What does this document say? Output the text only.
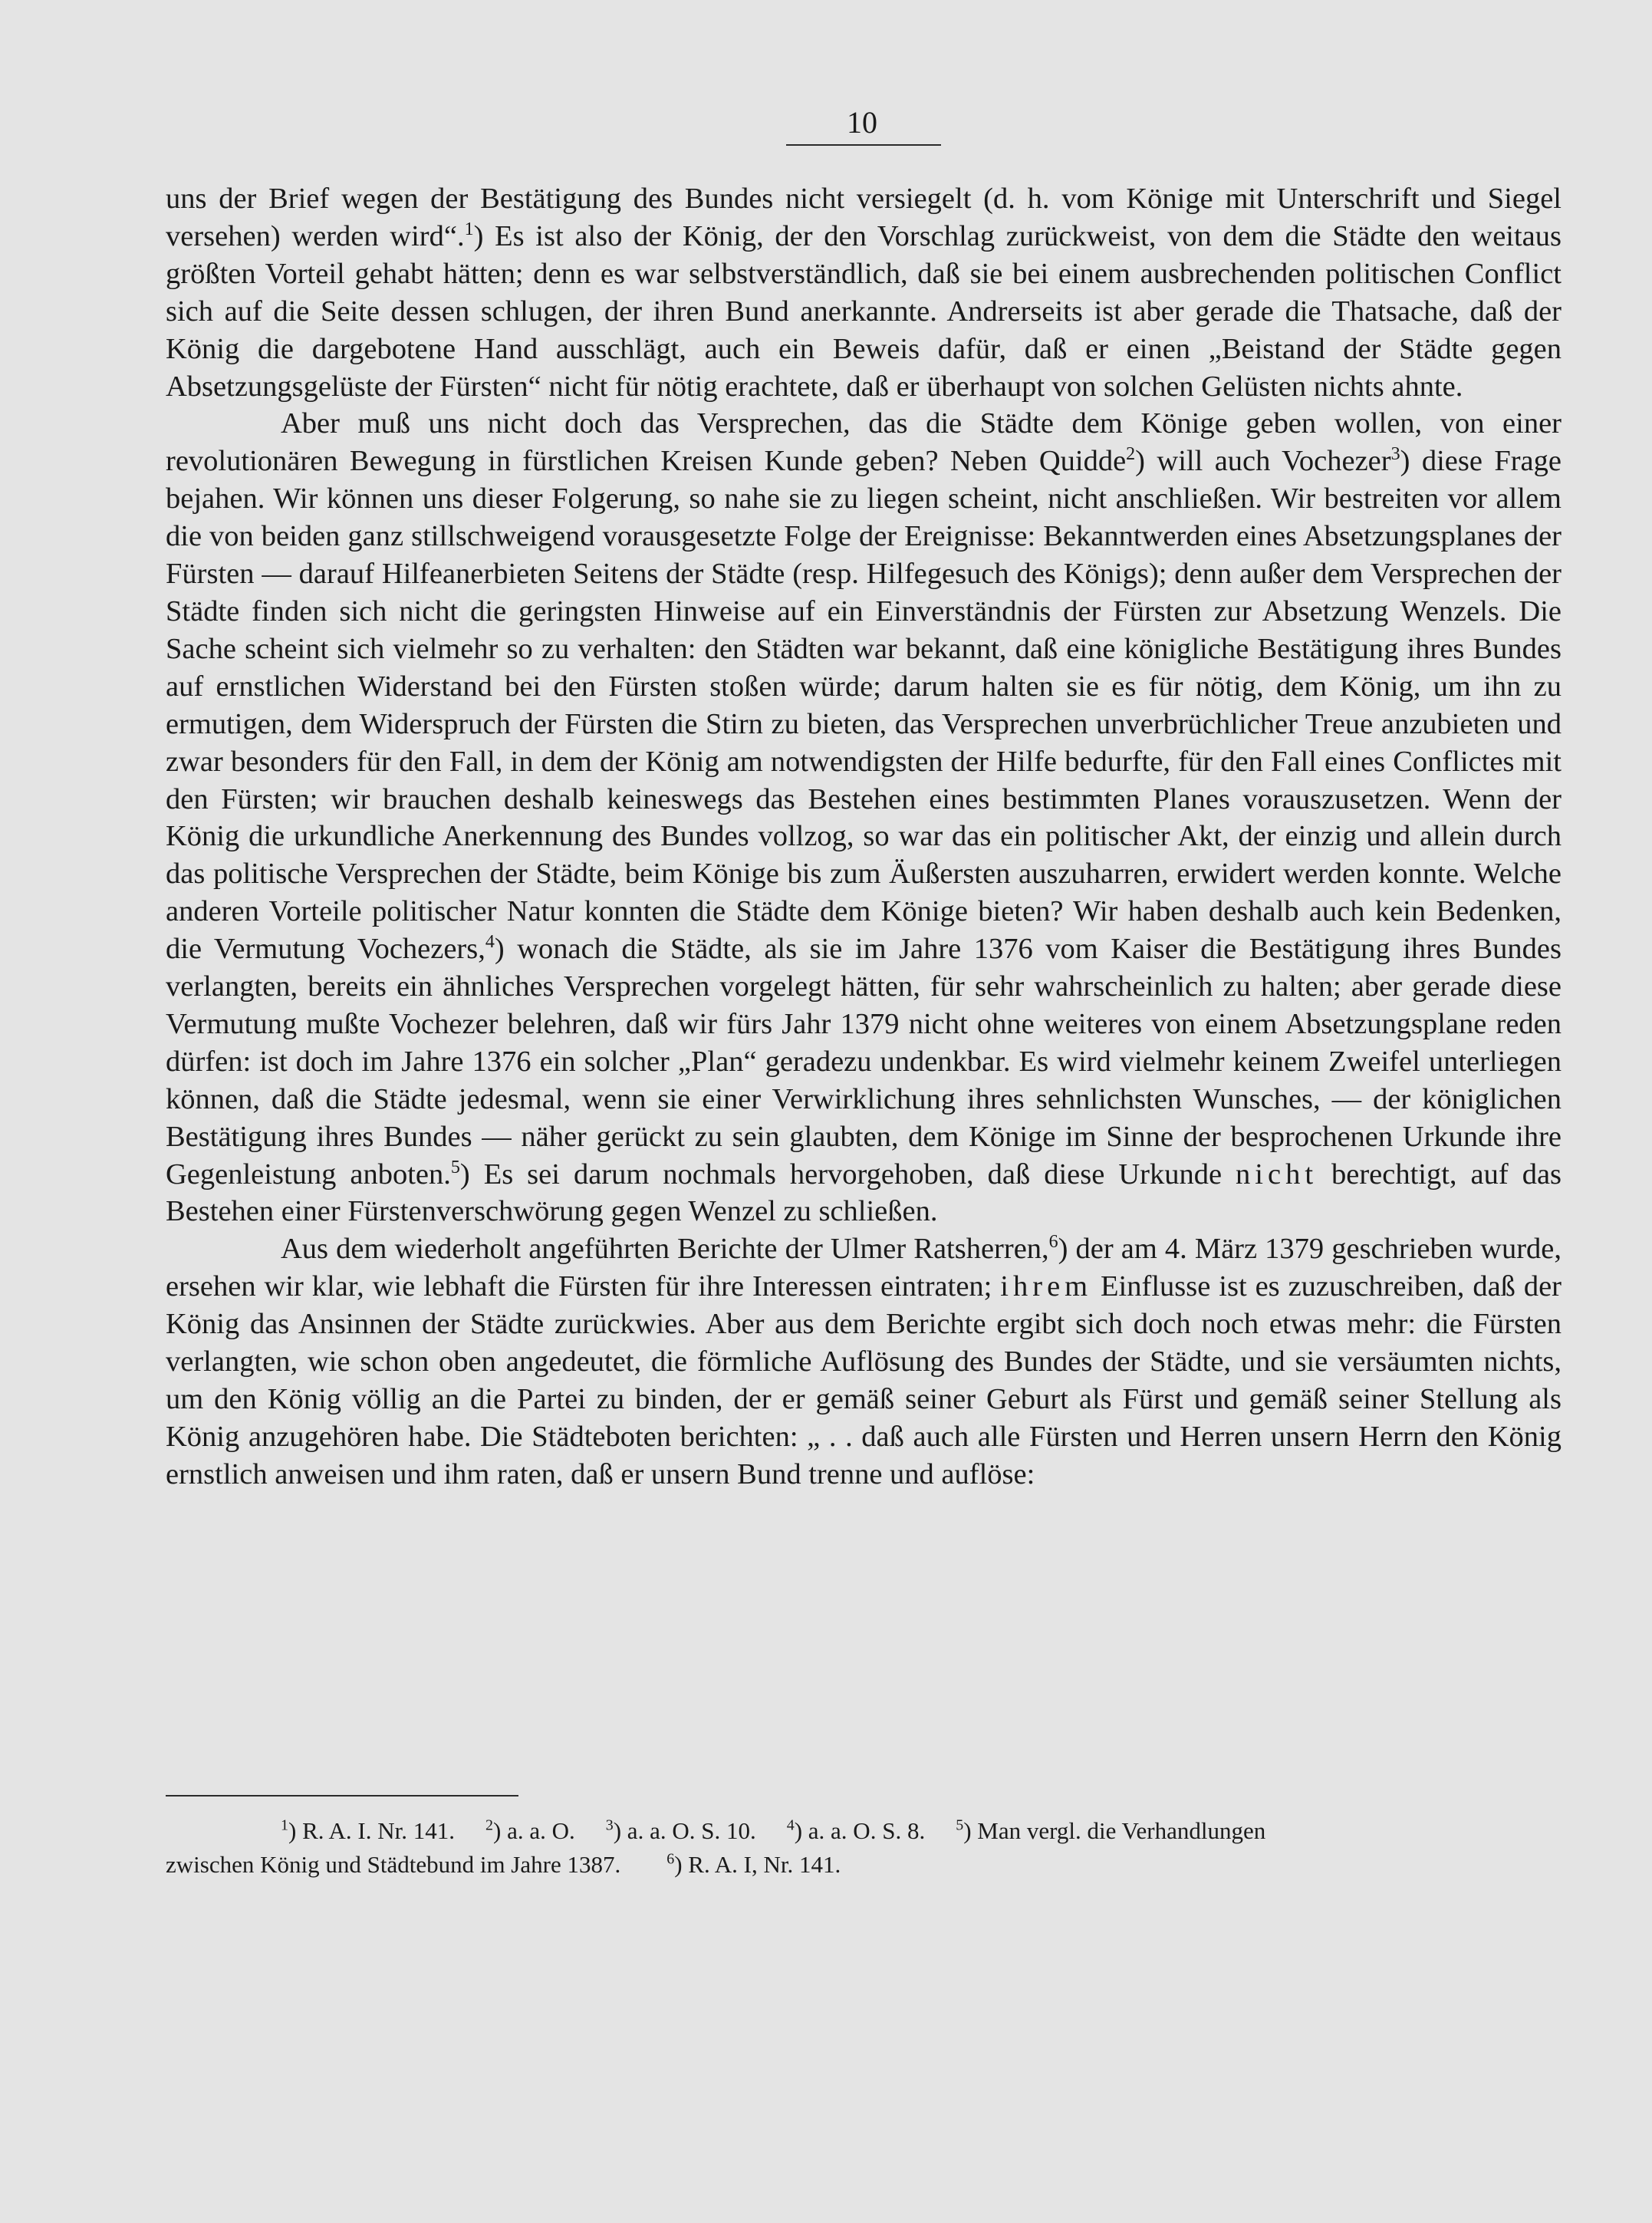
10

uns der Brief wegen der Bestätigung des Bundes nicht versiegelt (d. h. vom Könige mit Unterschrift und Siegel versehen) werden wird“.$^1$) Es ist also der König, der den Vorschlag zurückweist, von dem die Städte den weitaus größten Vorteil gehabt hätten; denn es war selbstverständlich, daß sie bei einem ausbrechenden politischen Conflict sich auf die Seite dessen schlugen, der ihren Bund anerkannte. Andrerseits ist aber gerade die Thatsache, daß der König die dargebotene Hand ausschlägt, auch ein Beweis dafür, daß er einen „Beistand der Städte gegen Absetzungsgelüste der Fürsten“ nicht für nötig erachtete, daß er überhaupt von solchen Gelüsten nichts ahnte.

Aber muß uns nicht doch das Versprechen, das die Städte dem Könige geben wollen, von einer revolutionären Bewegung in fürstlichen Kreisen Kunde geben? Neben Quidde$^2$) will auch Vochezer$^3$) diese Frage bejahen. Wir können uns dieser Folgerung, so nahe sie zu liegen scheint, nicht anschließen. Wir bestreiten vor allem die von beiden ganz stillschweigend vorausgesetzte Folge der Ereignisse: Bekanntwerden eines Absetzungsplanes der Fürsten — darauf Hilfeanerbieten Seitens der Städte (resp. Hilfegesuch des Königs); denn außer dem Versprechen der Städte finden sich nicht die geringsten Hinweise auf ein Einverständnis der Fürsten zur Absetzung Wenzels. Die Sache scheint sich vielmehr so zu verhalten: den Städten war bekannt, daß eine königliche Bestätigung ihres Bundes auf ernstlichen Widerstand bei den Fürsten stoßen würde; darum halten sie es für nötig, dem König, um ihn zu ermutigen, dem Widerspruch der Fürsten die Stirn zu bieten, das Versprechen unverbrüchlicher Treue anzubieten und zwar besonders für den Fall, in dem der König am notwendigsten der Hilfe bedurfte, für den Fall eines Conflictes mit den Fürsten; wir brauchen deshalb keineswegs das Bestehen eines bestimmten Planes vorauszusetzen. Wenn der König die urkundliche Anerkennung des Bundes vollzog, so war das ein politischer Akt, der einzig und allein durch das politische Versprechen der Städte, beim Könige bis zum Äußersten auszuharren, erwidert werden konnte. Welche anderen Vorteile politischer Natur konnten die Städte dem Könige bieten? Wir haben deshalb auch kein Bedenken, die Vermutung Vochezers,$^4$) wonach die Städte, als sie im Jahre 1376 vom Kaiser die Bestätigung ihres Bundes verlangten, bereits ein ähnliches Versprechen vorgelegt hätten, für sehr wahrscheinlich zu halten; aber gerade diese Vermutung mußte Vochezer belehren, daß wir fürs Jahr 1379 nicht ohne weiteres von einem Absetzungsplane reden dürfen: ist doch im Jahre 1376 ein solcher „Plan“ geradezu undenkbar. Es wird vielmehr keinem Zweifel unterliegen können, daß die Städte jedesmal, wenn sie einer Verwirklichung ihres sehnlichsten Wunsches, — der königlichen Bestätigung ihres Bundes — näher gerückt zu sein glaubten, dem Könige im Sinne der besprochenen Urkunde ihre Gegenleistung anboten.$^5$) Es sei darum nochmals hervorgehoben, daß diese Urkunde nicht berechtigt, auf das Bestehen einer Fürstenverschwörung gegen Wenzel zu schließen.

Aus dem wiederholt angeführten Berichte der Ulmer Ratsherren,$^6$) der am 4. März 1379 geschrieben wurde, ersehen wir klar, wie lebhaft die Fürsten für ihre Interessen eintraten; ihrem Einflusse ist es zuzuschreiben, daß der König das Ansinnen der Städte zurückwies. Aber aus dem Berichte ergibt sich doch noch etwas mehr: die Fürsten verlangten, wie schon oben angedeutet, die förmliche Auflösung des Bundes der Städte, und sie versäumten nichts, um den König völlig an die Partei zu binden, der er gemäß seiner Geburt als Fürst und gemäß seiner Stellung als König anzugehören habe. Die Städteboten berichten: „ . . daß auch alle Fürsten und Herren unsern Herrn den König ernstlich anweisen und ihm raten, daß er unsern Bund trenne und auflöse:

$^1$) R. A. I. Nr. 141. $^2$) a. a. O. $^3$) a. a. O. S. 10. $^4$) a. a. O. S. 8. $^5$) Man vergl. die Verhandlungen
zwischen König und Städtebund im Jahre 1387.	$^6$) R. A. I, Nr. 141.
